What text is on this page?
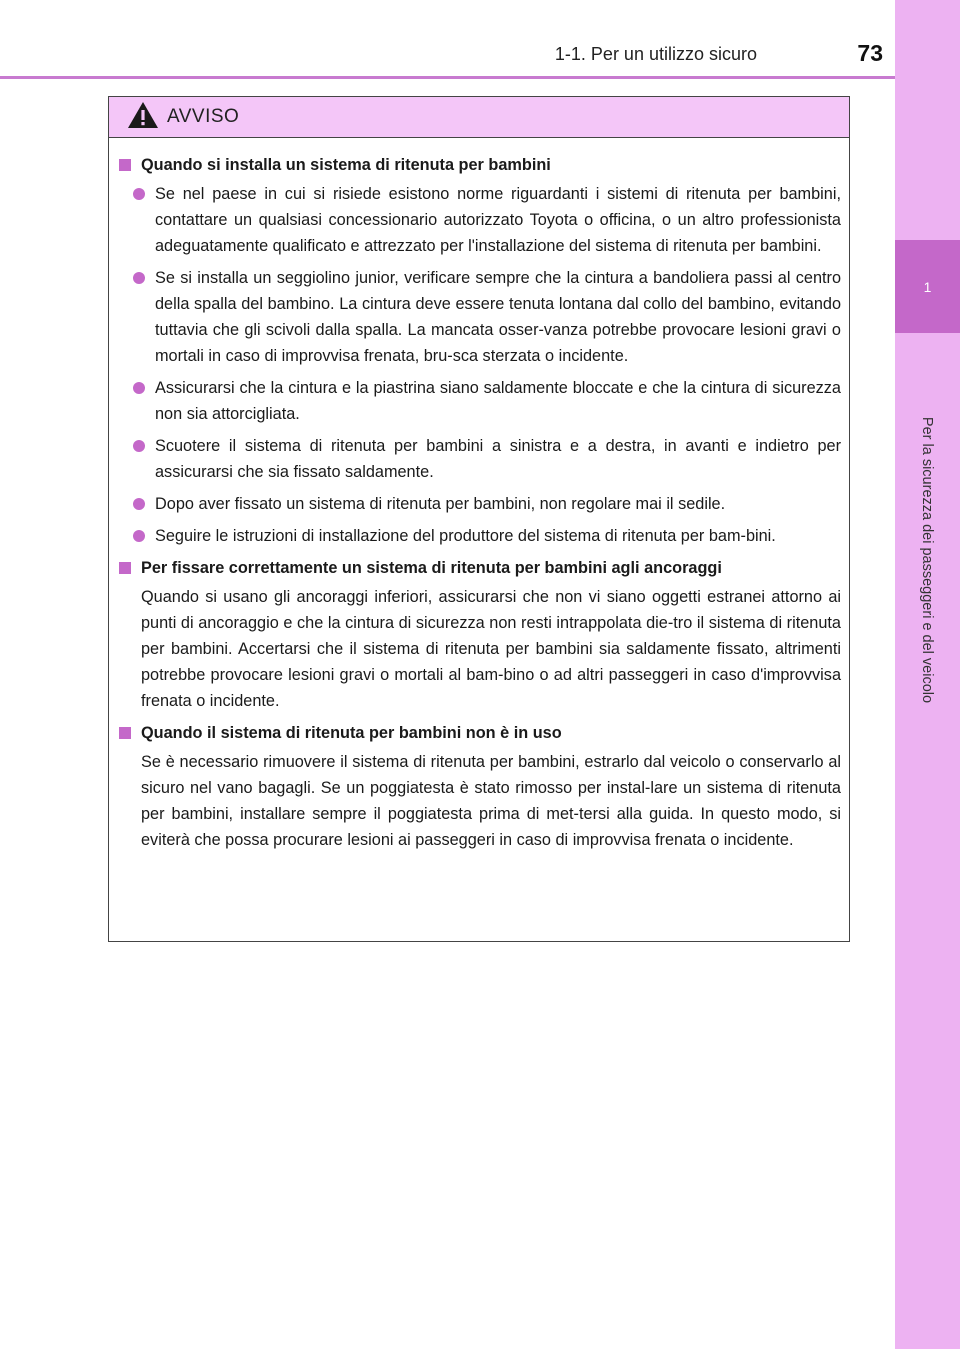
1-1. Per un utilizzo sicuro	73
1
Per la sicurezza dei passeggeri e del veicolo
AVVISO
Quando si installa un sistema di ritenuta per bambini
Se nel paese in cui si risiede esistono norme riguardanti i sistemi di ritenuta per bambini, contattare un qualsiasi concessionario autorizzato Toyota o officina, o un altro professionista adeguatamente qualificato e attrezzato per l'installazione del sistema di ritenuta per bambini.
Se si installa un seggiolino junior, verificare sempre che la cintura a bandoliera passi al centro della spalla del bambino. La cintura deve essere tenuta lontana dal collo del bambino, evitando tuttavia che gli scivoli dalla spalla. La mancata osser-vanza potrebbe provocare lesioni gravi o mortali in caso di improvvisa frenata, bru-sca sterzata o incidente.
Assicurarsi che la cintura e la piastrina siano saldamente bloccate e che la cintura di sicurezza non sia attorcigliata.
Scuotere il sistema di ritenuta per bambini a sinistra e a destra, in avanti e indietro per assicurarsi che sia fissato saldamente.
Dopo aver fissato un sistema di ritenuta per bambini, non regolare mai il sedile.
Seguire le istruzioni di installazione del produttore del sistema di ritenuta per bam-bini.
Per fissare correttamente un sistema di ritenuta per bambini agli ancoraggi
Quando si usano gli ancoraggi inferiori, assicurarsi che non vi siano oggetti estranei attorno ai punti di ancoraggio e che la cintura di sicurezza non resti intrappolata die-tro il sistema di ritenuta per bambini. Accertarsi che il sistema di ritenuta per bambini sia saldamente fissato, altrimenti potrebbe provocare lesioni gravi o mortali al bam-bino o ad altri passeggeri in caso d'improvvisa frenata o incidente.
Quando il sistema di ritenuta per bambini non è in uso
Se è necessario rimuovere il sistema di ritenuta per bambini, estrarlo dal veicolo o conservarlo al sicuro nel vano bagagli. Se un poggiatesta è stato rimosso per instal-lare un sistema di ritenuta per bambini, installare sempre il poggiatesta prima di met-tersi alla guida. In questo modo, si eviterà che possa procurare lesioni ai passeggeri in caso di improvvisa frenata o incidente.
